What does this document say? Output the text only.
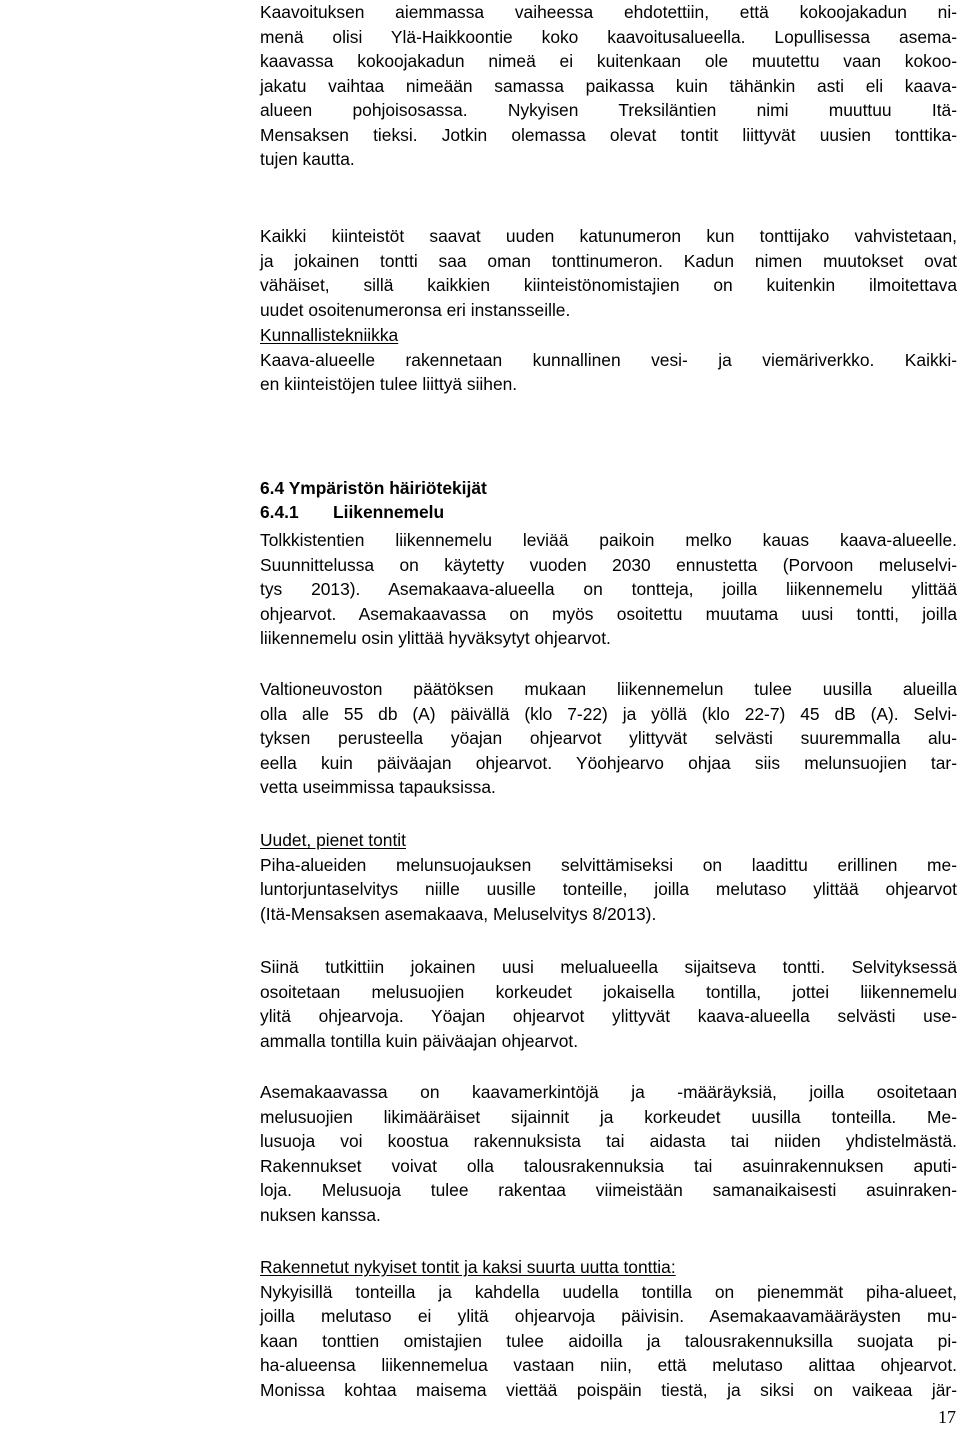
Kaavoituksen aiemmassa vaiheessa ehdotettiin, että kokoojakadun ni-
menä olisi Ylä-Haikkoontie koko kaavoitusalueella. Lopullisessa asema-
kaavassa kokoojakadun nimeä ei kuitenkaan ole muutettu vaan kokoo-
jakatu vaihtaa nimeään samassa paikassa kuin tähänkin asti eli kaava-
alueen pohjoisosassa. Nykyisen Treksiläntien nimi muuttuu Itä-
Mensaksen tieksi. Jotkin olemassa olevat tontit liittyvät uusien tonttika-
tujen kautta.
Kaikki kiinteistöt saavat uuden katunumeron kun tonttijako vahvistetaan,
ja jokainen tontti saa oman tonttinumeron. Kadun nimen muutokset ovat
vähäiset, sillä kaikkien kiinteistönomistajien on kuitenkin ilmoitettava
uudet osoitenumeronsa eri instansseille.
Kunnallistekniikka
Kaava-alueelle rakennetaan kunnallinen vesi- ja viemäriverkko. Kaikki-
en kiinteistöjen tulee liittyä siihen.
6.4 Ympäristön häiriötekijät
6.4.1 Liikennemelu
Tolkkistentien liikennemelu leviää paikoin melko kauas kaava-alueelle.
Suunnittelussa on käytetty vuoden 2030 ennustetta (Porvoon meluselvi-
tys 2013). Asemakaava-alueella on tontteja, joilla liikennemelu ylittää
ohjearvot. Asemakaavassa on myös osoitettu muutama uusi tontti, joilla
liikennemelu osin ylittää hyväksytyt ohjearvot.
Valtioneuvoston päätöksen mukaan liikennemelun tulee uusilla alueilla
olla alle 55 db (A) päivällä (klo 7-22) ja yöllä (klo 22-7) 45 dB (A). Selvi-
tyksen perusteella yöajan ohjearvot ylittyvät selvästi suuremmalla alu-
eella kuin päiväajan ohjearvot. Yöohjearvo ohjaa siis melunsuojien tar-
vetta useimmissa tapauksissa.
Uudet, pienet tontit
Piha-alueiden melunsuojauksen selvittämiseksi on laadittu erillinen me-
luntorjuntaselvitys niille uusille tonteille, joilla melutaso ylittää ohjearvot
(Itä-Mensaksen asemakaava, Meluselvitys 8/2013).
Siinä tutkittiin jokainen uusi melualueella sijaitseva tontti. Selvityksessä
osoitetaan melusuojien korkeudet jokaisella tontilla, jottei liikennemelu
ylitä ohjearvoja. Yöajan ohjearvot ylittyvät kaava-alueella selvästi use-
ammalla tontilla kuin päiväajan ohjearvot.
Asemakaavassa on kaavamerkintöjä ja -määräyksiä, joilla osoitetaan
melusuojien likimääräiset sijainnit ja korkeudet uusilla tonteilla. Me-
lusuoja voi koostua rakennuksista tai aidasta tai niiden yhdistelmästä.
Rakennukset voivat olla talousrakennuksia tai asuinrakennuksen aputi-
loja. Melusuoja tulee rakentaa viimeistään samanaikaisesti asuinraken-
nuksen kanssa.
Rakennetut nykyiset tontit ja kaksi suurta uutta tonttia:
Nykyisillä tonteilla ja kahdella uudella tontilla on pienemmät piha-alueet,
joilla melutaso ei ylitä ohjearvoja päivisin. Asemakaavamääräysten mu-
kaan tonttien omistajien tulee aidoilla ja talousrakennuksilla suojata pi-
ha-alueensa liikennemelua vastaan niin, että melutaso alittaa ohjearvot.
Monissa kohtaa maisema viettää poispäin tiestä, ja siksi on vaikeaa jär-
17
